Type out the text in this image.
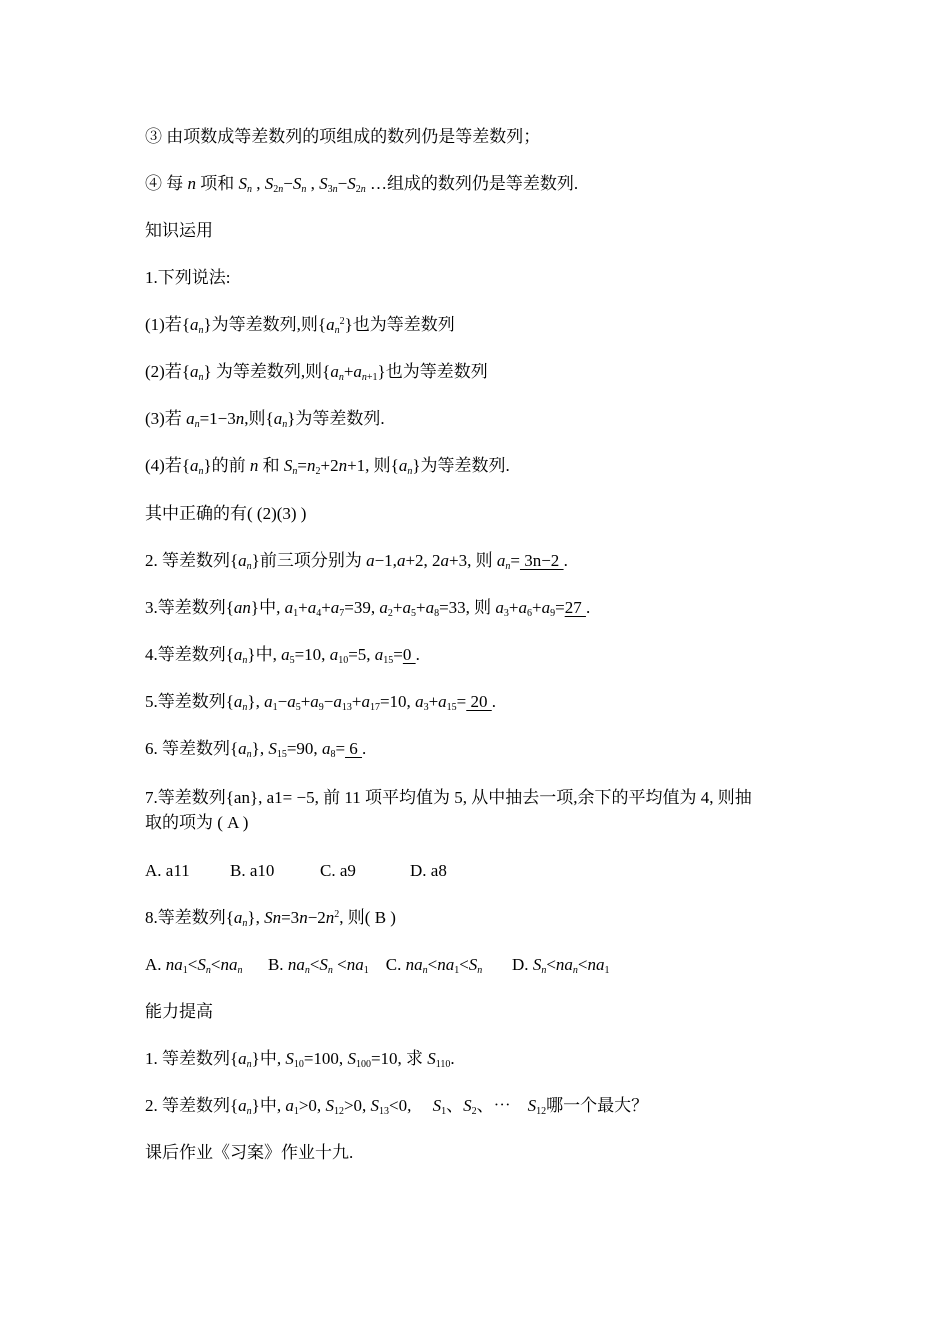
③ 由项数成等差数列的项组成的数列仍是等差数列；
④ 每 n 项和 $S_n$ , $S_{2n}-S_n$ , $S_{3n}-S_{2n}$ …组成的数列仍是等差数列.
知识运用
1.下列说法:
(1)若$\{a_n\}$为等差数列,则$\{a_n^2\}$也为等差数列
(2)若$\{a_n\}$ 为等差数列,则$\{a_n+a_{n+1}\}$也为等差数列
(3)若 $a_n=1-3n$,则$\{a_n\}$为等差数列.
(4)若$\{a_n\}$的前 n 和 $S_n=n_2+2n+1$, 则$\{a_n\}$为等差数列.
其中正确的有( (2)(3) )
2. 等差数列$\{a_n\}$前三项分别为 a−1,a+2, 2a+3, 则 $a_n= 3n-2$ .
3.等差数列{an}中, $a_1+a_4+a_7=39$, $a_2+a_5+a_8=33$, 则 $a_3+a_6+a_9=27$ .
4.等差数列$\{a_n\}$中, $a_5=10$, $a_{10}=5$, $a_{15}=0$ .
5.等差数列$\{a_n\}$, $a_1-a_5+a_9-a_{13}+a_{17}=10$, $a_3+a_{15}= 20$ .
6. 等差数列$\{a_n\}$, $S_{15}=90$, $a_8= 6$ .
7.等差数列{an}, a1= −5, 前 11 项平均值为 5, 从中抽去一项,余下的平均值为 4, 则抽
取的项为 ( A )
A. a11 B. a10	C. a9	D. a8
8.等差数列$\{a_n\}$, $Sn=3n-2n^2$, 则( B )
A. $na_1<S_n<na_n$      B. $na_n<S_n <na_1$    C. $na_n<na_1<S_n$       D. $S_n<na_n<na_1$
能力提高
1. 等差数列$\{a_n\}$中, $S_{10}=100$, $S_{100}=10$, 求 $S_{110}$.
2. 等差数列$\{a_n\}$中, $a_1>0$, $S_{12}>0$, $S_{13}<0$,     $S_1$、$S_2$、⋯    $S_{12}$哪一个最大？
课后作业《习案》作业十九.
